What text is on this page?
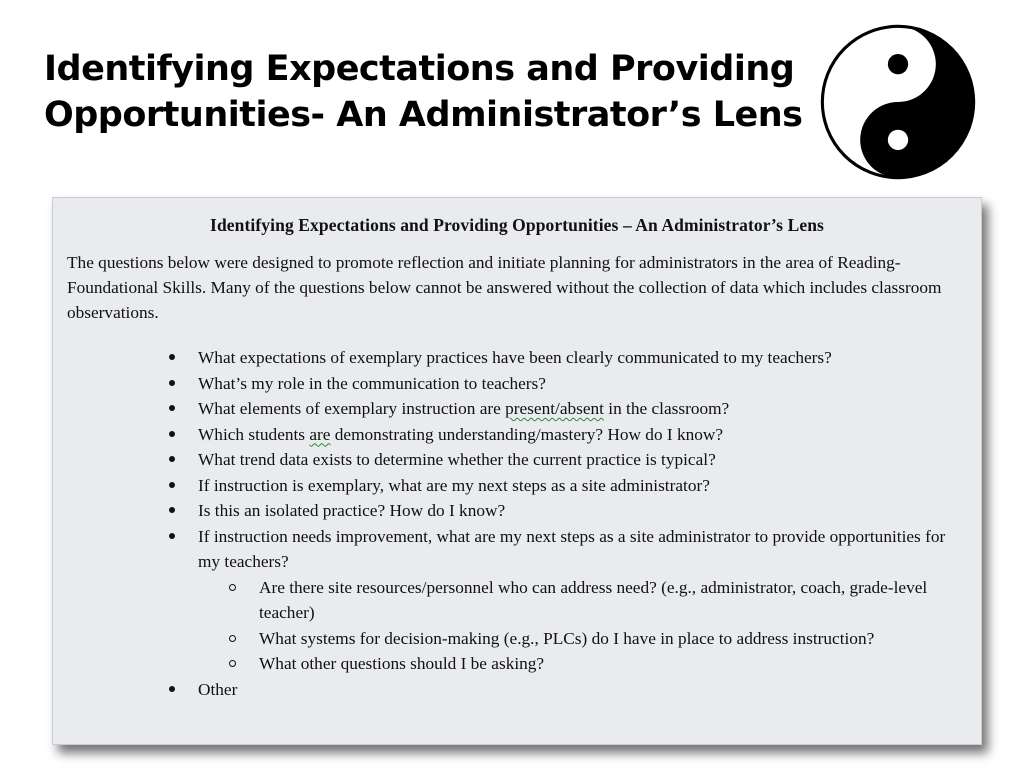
Identifying Expectations and Providing
Opportunities- An Administrator’s Lens
Identifying Expectations and Providing Opportunities – An Administrator’s Lens

The questions below were designed to promote reflection and initiate planning for administrators in the area of Reading-Foundational Skills. Many of the questions below cannot be answered without the collection of data which includes classroom observations.

What expectations of exemplary practices have been clearly communicated to my teachers?
What’s my role in the communication to teachers?
What elements of exemplary instruction are present/absent in the classroom?
Which students are demonstrating understanding/mastery? How do I know?
What trend data exists to determine whether the current practice is typical?
If instruction is exemplary, what are my next steps as a site administrator?
Is this an isolated practice? How do I know?
If instruction needs improvement, what are my next steps as a site administrator to provide opportunities for my teachers?
Are there site resources/personnel who can address need? (e.g., administrator, coach, grade-level teacher)
What systems for decision-making (e.g., PLCs) do I have in place to address instruction?
What other questions should I be asking?
Other
